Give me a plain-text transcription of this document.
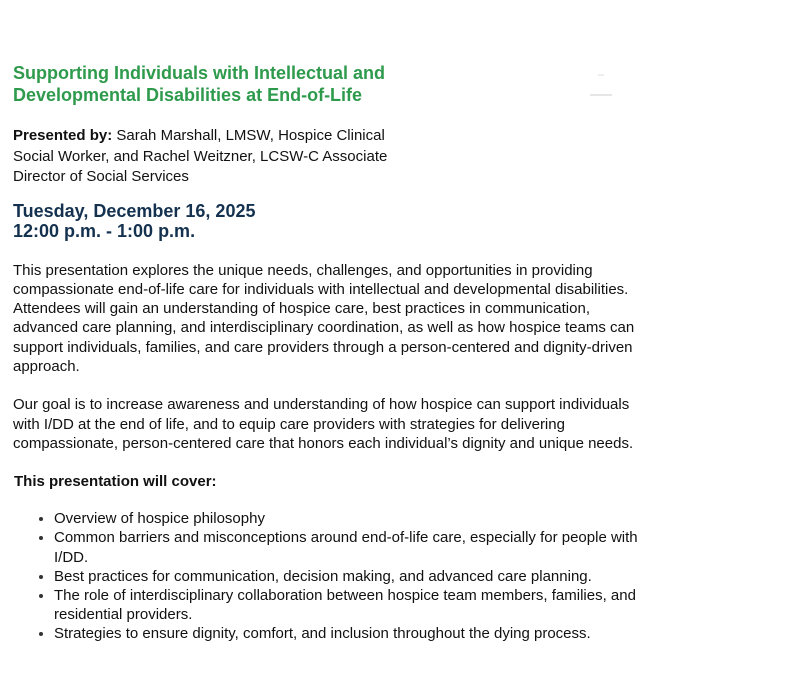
Supporting Individuals with Intellectual and Developmental Disabilities at End-of-Life

Presented by: Sarah Marshall, LMSW, Hospice Clinical Social Worker, and Rachel Weitzner, LCSW-C Associate Director of Social Services

Tuesday, December 16, 2025
12:00 p.m. - 1:00 p.m.

This presentation explores the unique needs, challenges, and opportunities in providing compassionate end-of-life care for individuals with intellectual and developmental disabilities. Attendees will gain an understanding of hospice care, best practices in communication, advanced care planning, and interdisciplinary coordination, as well as how hospice teams can support individuals, families, and care providers through a person-centered and dignity-driven approach.

Our goal is to increase awareness and understanding of how hospice can support individuals with I/DD at the end of life, and to equip care providers with strategies for delivering compassionate, person-centered care that honors each individual’s dignity and unique needs.

This presentation will cover:
Overview of hospice philosophy
Common barriers and misconceptions around end-of-life care, especially for people with I/DD.
Best practices for communication, decision making, and advanced care planning.
The role of interdisciplinary collaboration between hospice team members, families, and residential providers.
Strategies to ensure dignity, comfort, and inclusion throughout the dying process.
